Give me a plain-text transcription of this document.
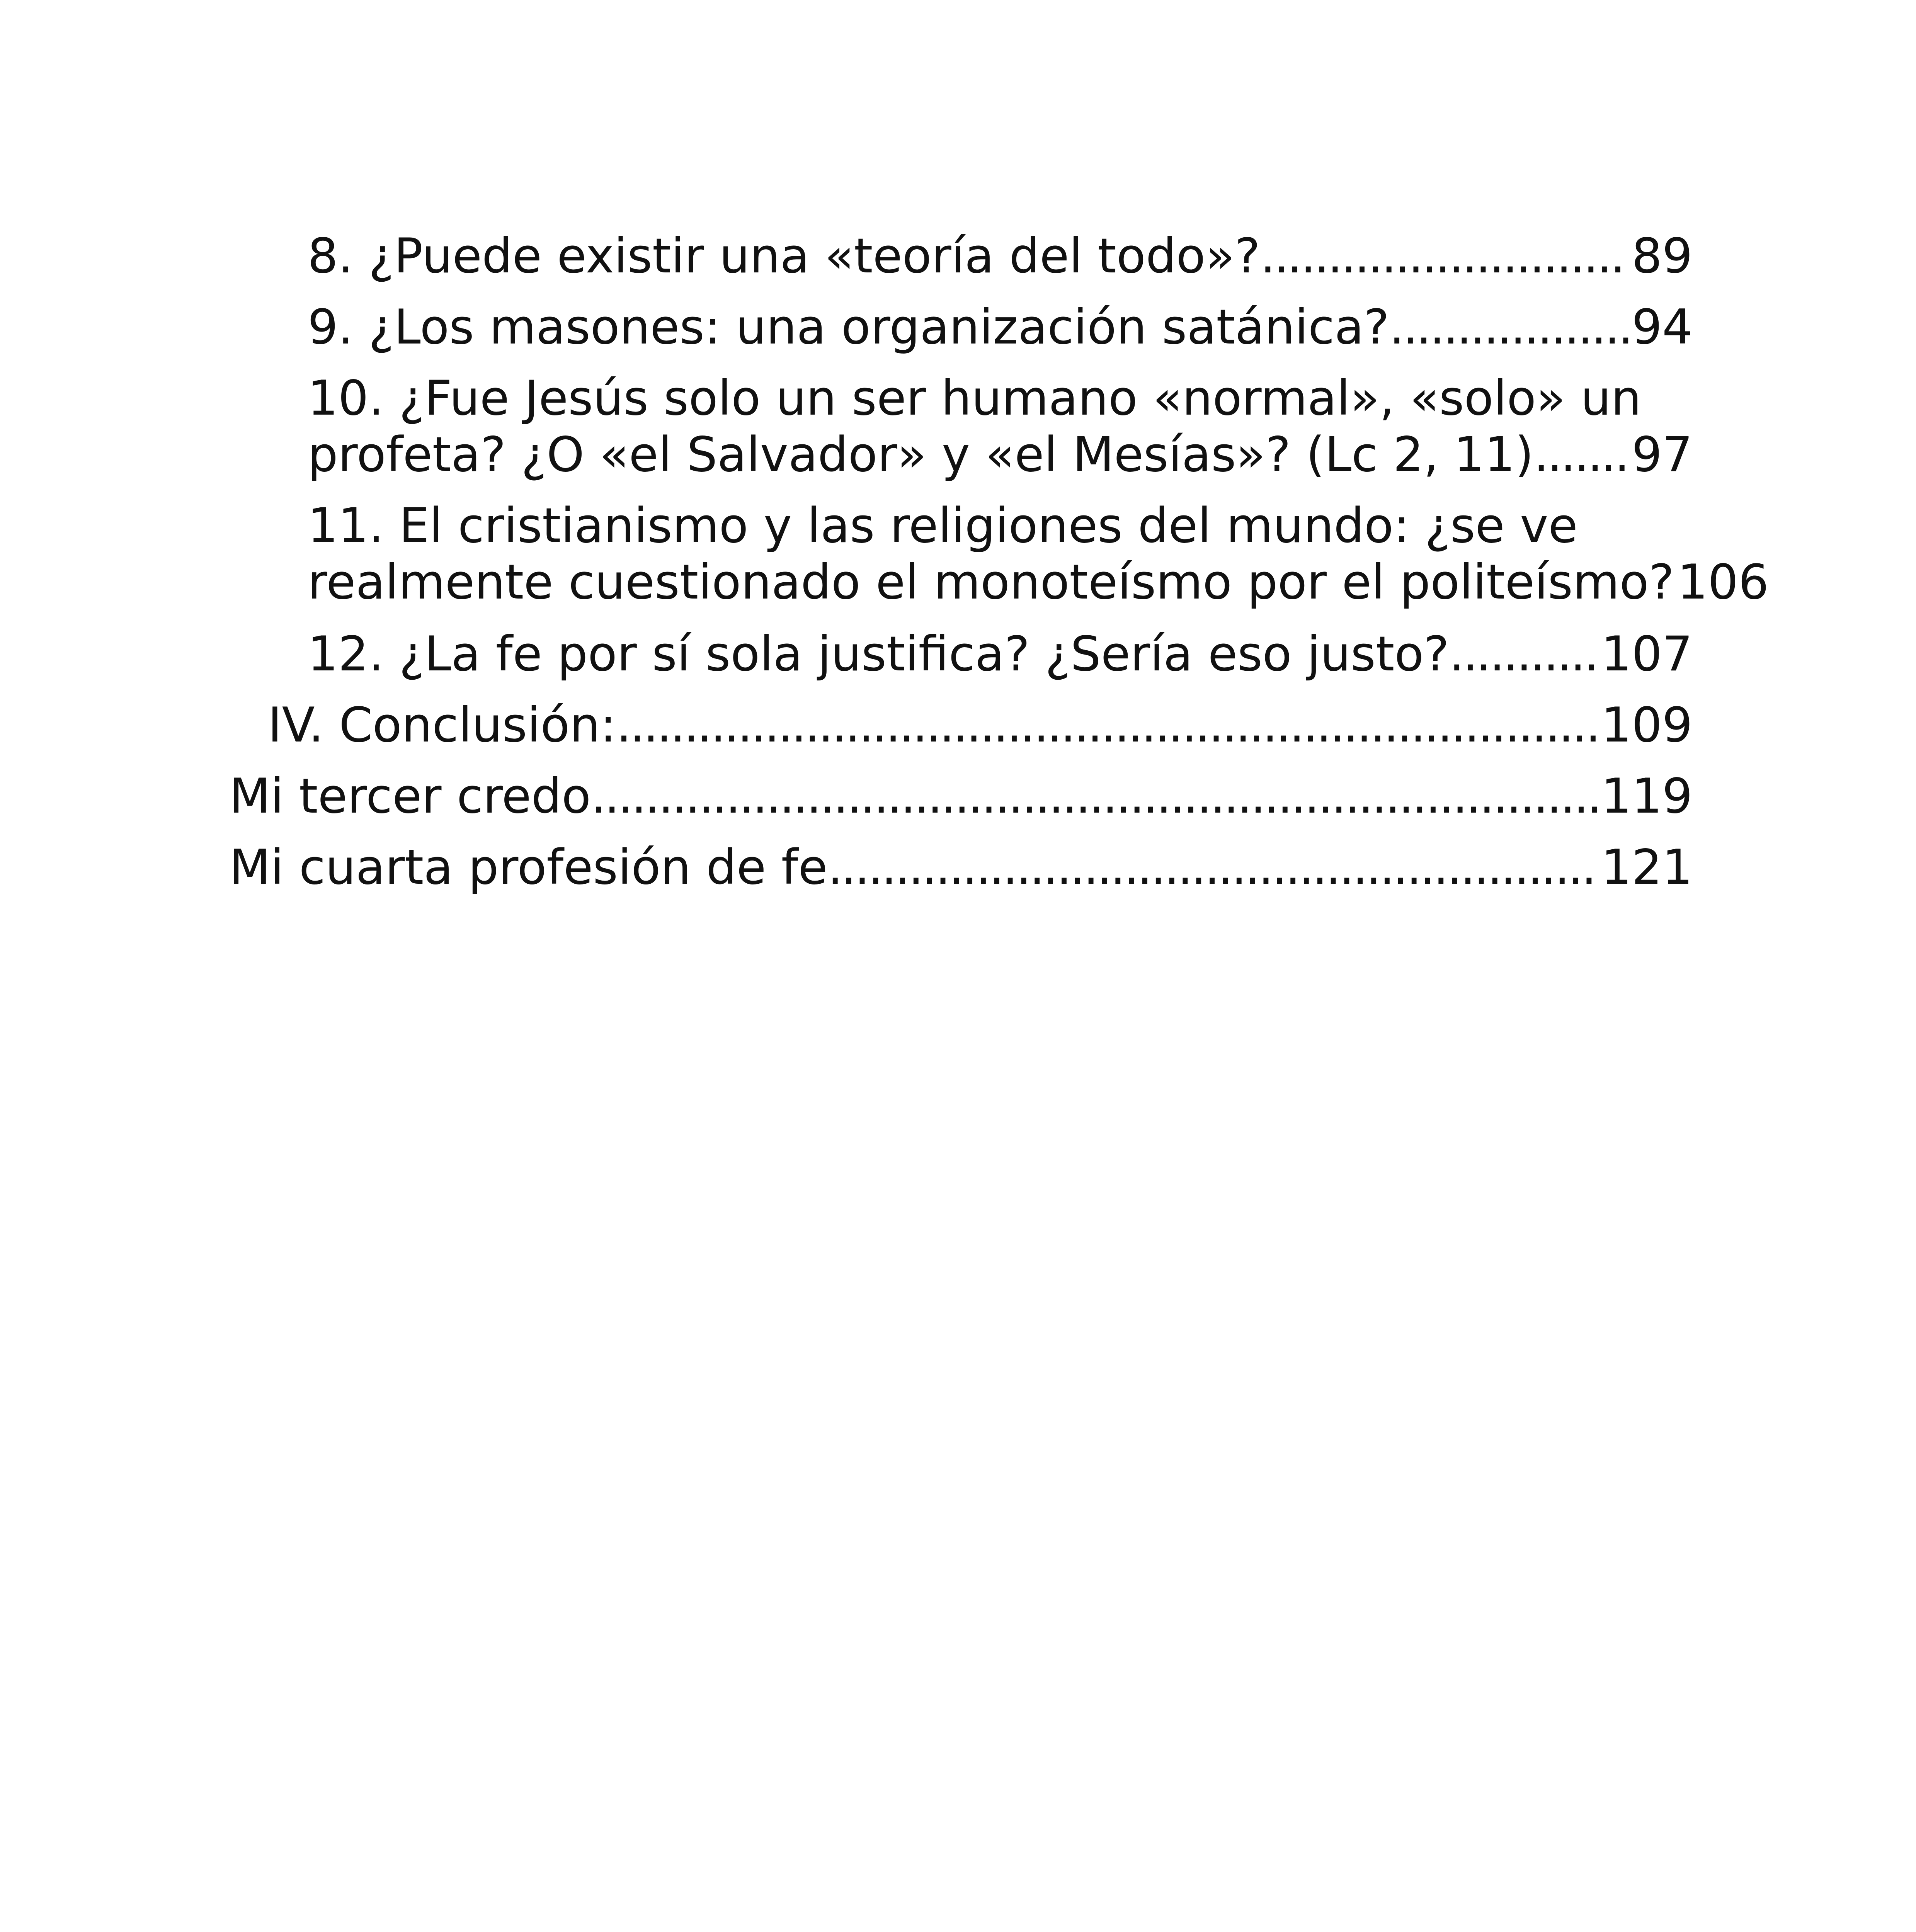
8. ¿Puede existir una «teoría del todo»? . . .	89
9. ¿Los masones: una organización satánica? . . .	94
10. ¿Fue Jesús solo un ser humano «normal», «solo» un
profeta? ¿O «el Salvador» y «el Mesías»? (Lc 2, 11) . . . 97
11. El cristianismo y las religiones del mundo: ¿se ve
realmente cuestionado el monoteísmo por el politeísmo? 106
12. ¿La fe por sí sola justifica? ¿Sería eso justo? . . .	107
IV. Conclusión: . . .	109
Mi tercer credo . . .	119
Mi cuarta profesión de fe . . .	121
